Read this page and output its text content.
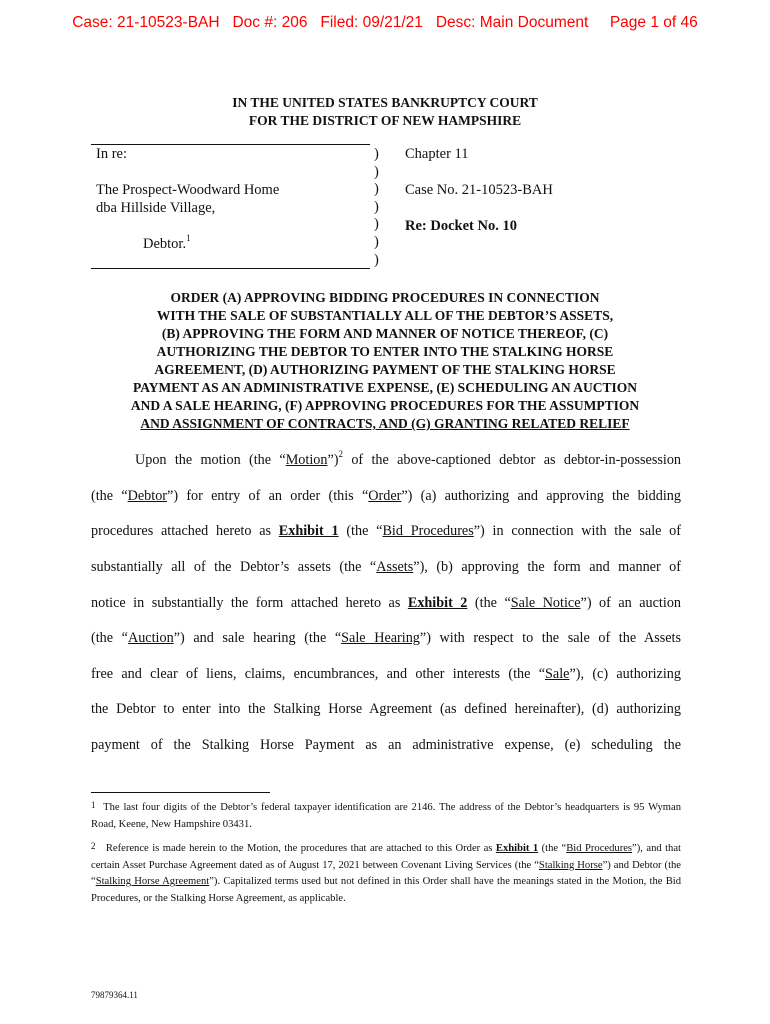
Case: 21-10523-BAH   Doc #: 206   Filed: 09/21/21   Desc: Main Document     Page 1 of 46
IN THE UNITED STATES BANKRUPTCY COURT
FOR THE DISTRICT OF NEW HAMPSHIRE
In re:
The Prospect-Woodward Home
dba Hillside Village,
Debtor.$^1$
)
)
)
)
)
)
)
Chapter 11
Case No. 21-10523-BAH
Re: Docket No. 10
ORDER (A) APPROVING BIDDING PROCEDURES IN CONNECTION
WITH THE SALE OF SUBSTANTIALLY ALL OF THE DEBTOR’S ASSETS,
(B) APPROVING THE FORM AND MANNER OF NOTICE THEREOF, (C)
AUTHORIZING THE DEBTOR TO ENTER INTO THE STALKING HORSE
AGREEMENT, (D) AUTHORIZING PAYMENT OF THE STALKING HORSE
PAYMENT AS AN ADMINISTRATIVE EXPENSE, (E) SCHEDULING AN AUCTION
AND A SALE HEARING, (F) APPROVING PROCEDURES FOR THE ASSUMPTION
AND ASSIGNMENT OF CONTRACTS, AND (G) GRANTING RELATED RELIEF
Upon the motion (the “Motion”)$^2$ of the above-captioned debtor as debtor-in-possession
(the “Debtor”) for entry of an order (this “Order”) (a) authorizing and approving the bidding
procedures attached hereto as Exhibit 1 (the “Bid Procedures”) in connection with the sale of
substantially all of the Debtor’s assets (the “Assets”), (b) approving the form and manner of
notice in substantially the form attached hereto as Exhibit 2 (the “Sale Notice”) of an auction
(the “Auction”) and sale hearing (the “Sale Hearing”) with respect to the sale of the Assets
free and clear of liens, claims, encumbrances, and other interests (the “Sale”), (c) authorizing
the Debtor to enter into the Stalking Horse Agreement (as defined hereinafter), (d) authorizing
payment of the Stalking Horse Payment as an administrative expense, (e) scheduling the
$^1$ The last four digits of the Debtor’s federal taxpayer identification are 2146. The address of the Debtor’s headquarters is 95 Wyman Road, Keene, New Hampshire 03431.
$^2$ Reference is made herein to the Motion, the procedures that are attached to this Order as Exhibit 1 (the “Bid Procedures”), and that certain Asset Purchase Agreement dated as of August 17, 2021 between Covenant Living Services (the “Stalking Horse”) and Debtor (the “Stalking Horse Agreement”). Capitalized terms used but not defined in this Order shall have the meanings stated in the Motion, the Bid Procedures, or the Stalking Horse Agreement, as applicable.
79879364.11
